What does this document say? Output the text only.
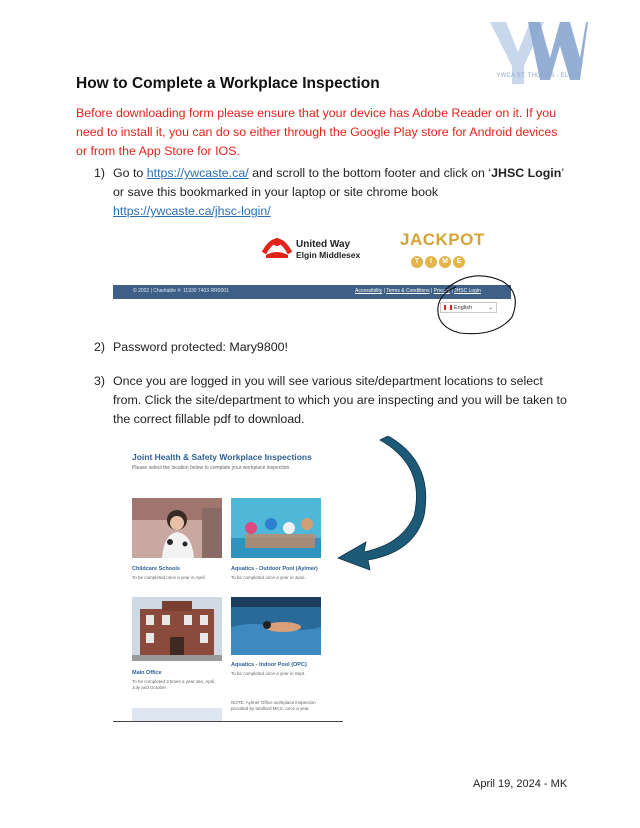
YWCA ST. THOMAS - ELGIN
How to Complete a Workplace Inspection
Before downloading form please ensure that your device has Adobe Reader on it. If you need to install it, you can do so either through the Google Play store for Android devices or from the App Store for IOS.
1) Go to https://ywcaste.ca/ and scroll to the bottom footer and click on ‘JHSC Login’ or save this bookmarked in your laptop or site chrome book https://ywcaste.ca/jhsc-login/
United Way
Elgin Middlesex
JACKPOT
T I M E
© 2022 | Charitable #: 11930 7403 RR0001	Accessibility | Terms & Conditions | Privacy | JHSC Login
English	⌄
2) Password protected: Mary9800!
3) Once you are logged in you will see various site/department locations to select from. Click the site/department to which you are inspecting and you will be taken to the correct fillable pdf to download.
Joint Health & Safety Workplace Inspections
Please select the location below to complete your workplace inspection.
Childcare Schools
To be completed once a year in April.
Aquatics - Outdoor Pool (Aylmer)
To be completed once a year in June.
Main Office
To be completed 3 times a year Jan, April, July and October.
Aquatics - Indoor Pool (OPC)
To be completed once a year in Sept.
NOTE: Aylmer Office workplace inspection provided by landlord MCS, once a year.
April 19, 2024 - MK
